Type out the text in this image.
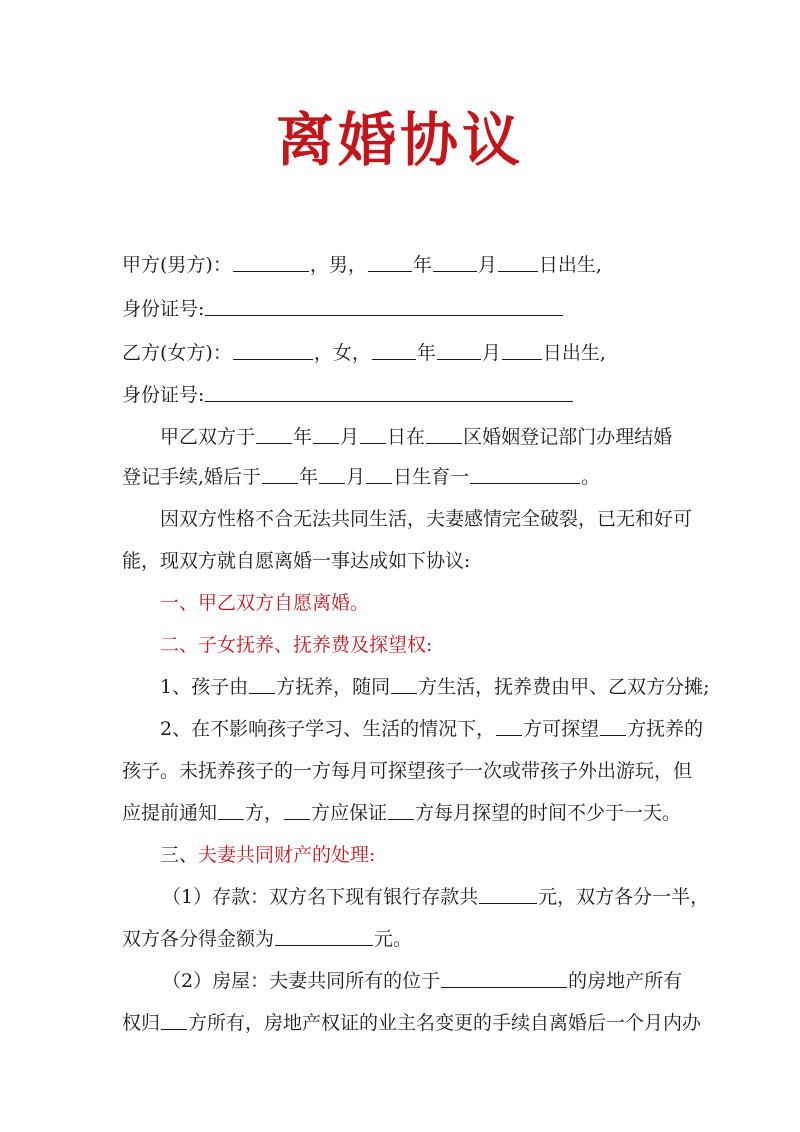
离婚协议
甲方(男方)：	，男， 年 月 日出生,
身份证号:
乙方(女方)：	，女， 年 月 日出生,
身份证号:
甲乙双方于 年 月 日在 区婚姻登记部门办理结婚
登记手续,婚后于 年 月 日生育一	。
因双方性格不合无法共同生活，夫妻感情完全破裂，已无和好可
能，现双方就自愿离婚一事达成如下协议:
一、甲乙双方自愿离婚。
二、子女抚养、抚养费及探望权:
1、孩子由 方抚养，随同 方生活，抚养费由甲、乙双方分摊;
2、在不影响孩子学习、生活的情况下， 方可探望 方抚养的
孩子。未抚养孩子的一方每月可探望孩子一次或带孩子外出游玩，但
应提前通知 方， 方应保证 方每月探望的时间不少于一天。
三、夫妻共同财产的处理:
（1）存款：双方名下现有银行存款共	元，双方各分一半，
双方各分得金额为	元。
（2）房屋：夫妻共同所有的位于	的房地产所有
权归 方所有，房地产权证的业主名变更的手续自离婚后一个月内办
